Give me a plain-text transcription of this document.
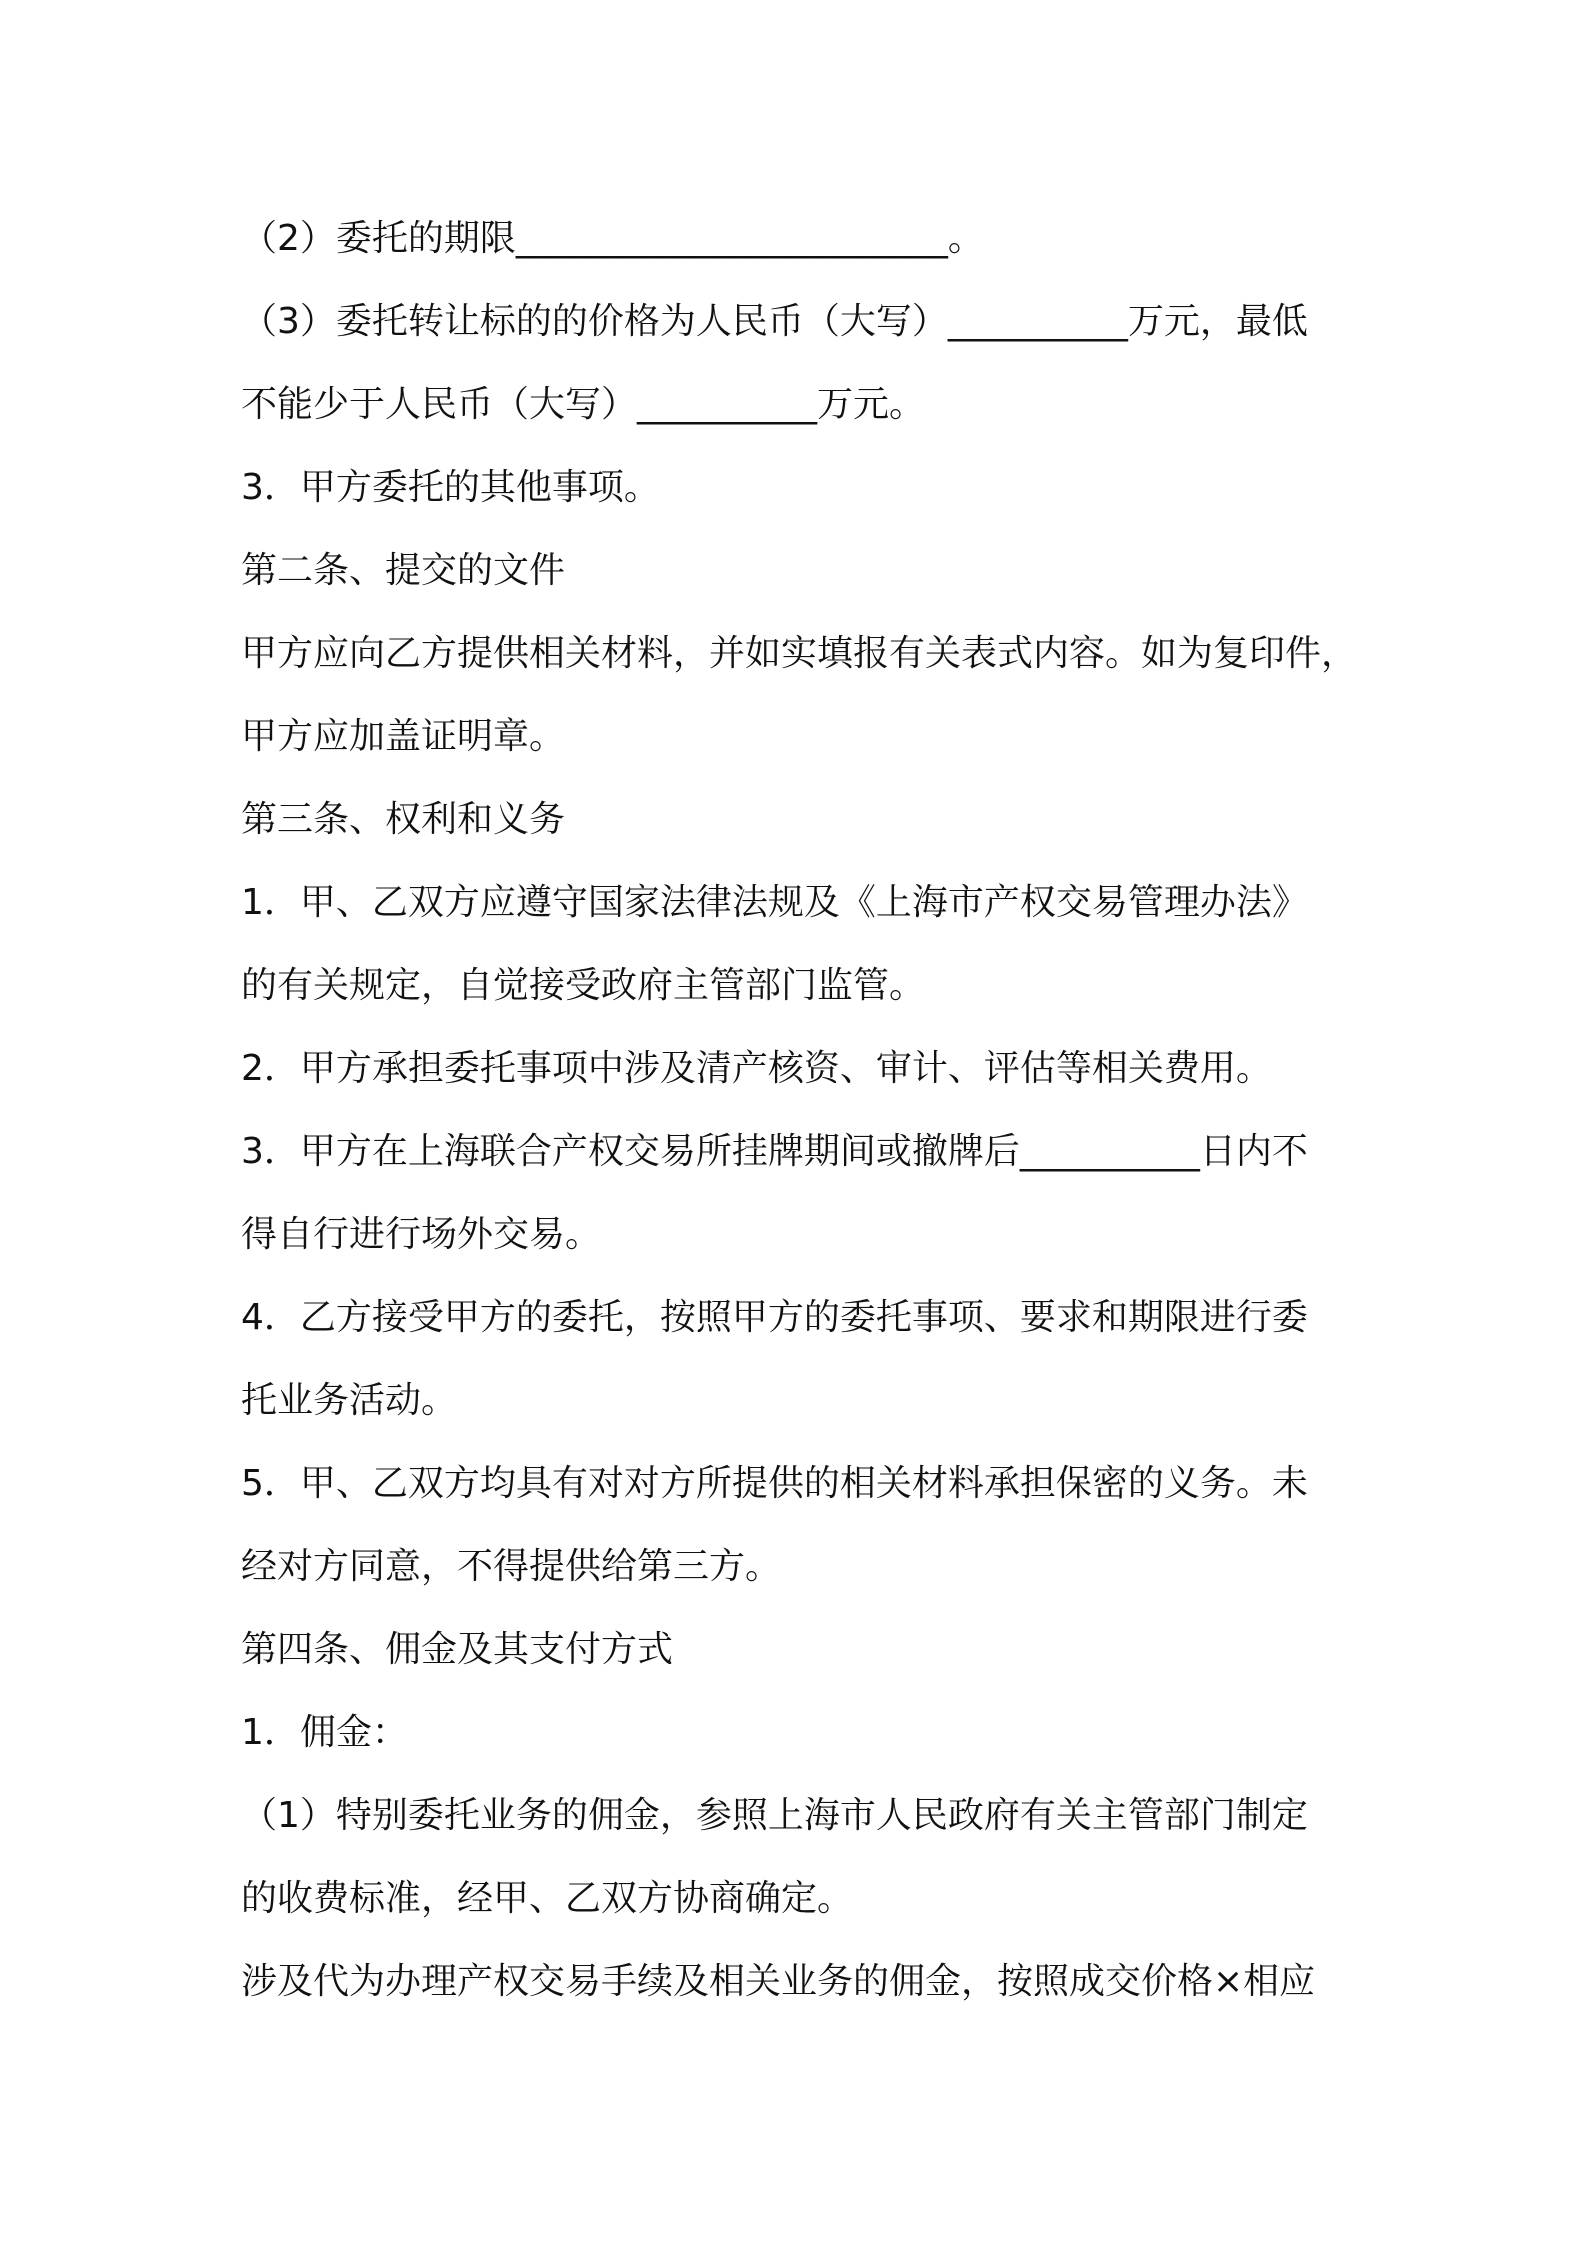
（2）委托的期限________________________。
（3）委托转让标的的价格为人民币（大写）__________万元，最低
不能少于人民币（大写）__________万元。
3．甲方委托的其他事项。
第二条、提交的文件
甲方应向乙方提供相关材料，并如实填报有关表式内容。如为复印件，
甲方应加盖证明章。
第三条、权利和义务
1．甲、乙双方应遵守国家法律法规及《上海市产权交易管理办法》
的有关规定，自觉接受政府主管部门监管。
2．甲方承担委托事项中涉及清产核资、审计、评估等相关费用。
3．甲方在上海联合产权交易所挂牌期间或撤牌后__________日内不
得自行进行场外交易。
4．乙方接受甲方的委托，按照甲方的委托事项、要求和期限进行委
托业务活动。
5．甲、乙双方均具有对对方所提供的相关材料承担保密的义务。未
经对方同意，不得提供给第三方。
第四条、佣金及其支付方式
1．佣金：
（1）特别委托业务的佣金，参照上海市人民政府有关主管部门制定
的收费标准，经甲、乙双方协商确定。
涉及代为办理产权交易手续及相关业务的佣金，按照成交价格×相应
